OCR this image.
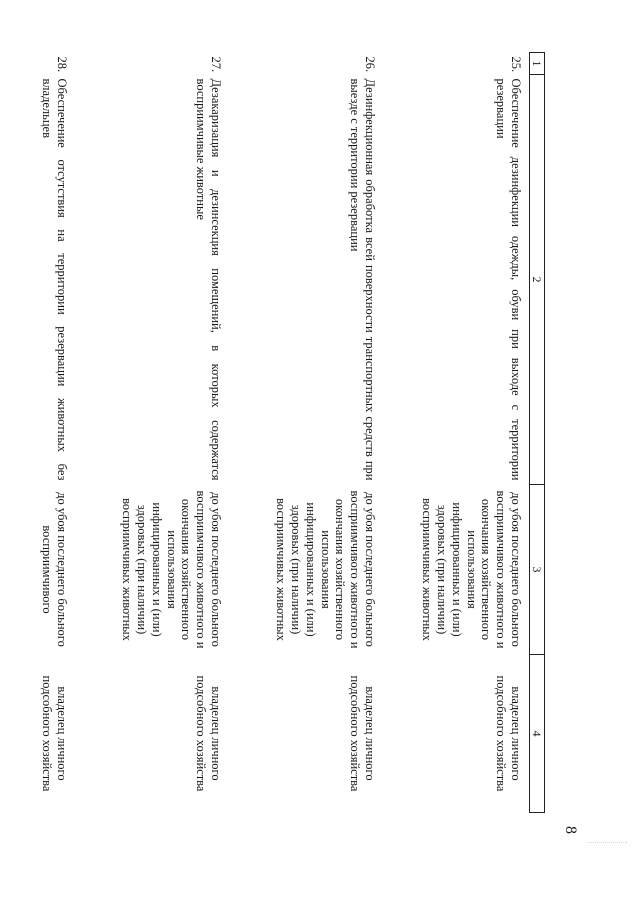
8
1	2	3	4
25.	Обеспечение дезинфекции одежды, обуви при выходе с территории резервации	до убоя последнего больного восприимчивого животного и окончания хозяйственного использования инфицированных и (или) здоровых (при наличии) восприимчивых животных	владелец личного подсобного хозяйства
26.	Дезинфекционная обработка всей поверхности транспортных средств при выезде с территории резервации	до убоя последнего больного восприимчивого животного и окончания хозяйственного использования инфицированных и (или) здоровых (при наличии) восприимчивых животных	владелец личного подсобного хозяйства
27.	Дезакаризация и дезинсекция помещений, в которых содержатся восприимчивые животные	до убоя последнего больного восприимчивого животного и окончания хозяйственного использования инфицированных и (или) здоровых (при наличии) восприимчивых животных	владелец личного подсобного хозяйства
28.	Обеспечение отсутствия на территории резервации животных без владельцев	до убоя последнего больного восприимчивого	владелец личного подсобного хозяйства
